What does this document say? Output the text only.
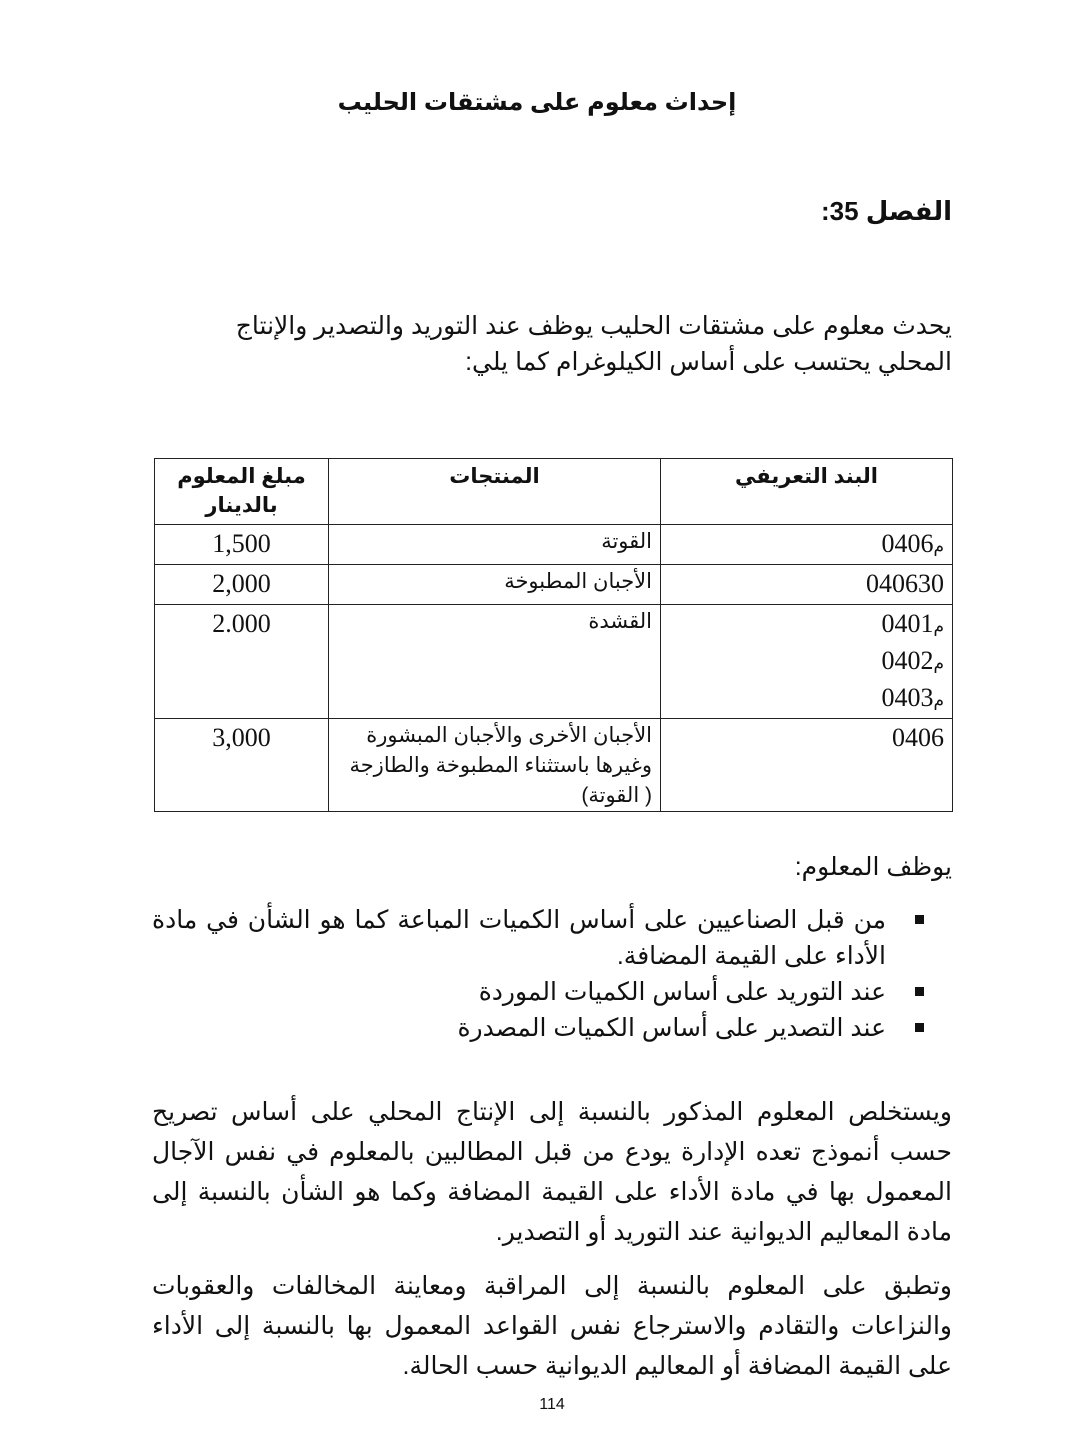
إحداث معلوم على مشتقات الحليب
الفصل 35:
يحدث معلوم على مشتقات الحليب يوظف عند التوريد والتصدير والإنتاج المحلي يحتسب على أساس الكيلوغرام كما يلي:
البند التعريفي	المنتجات	مبلغ المعلوم بالدينار

م0406	القوتة	1,500

040630	الأجبان المطبوخة	2,000

م0401
م0402
م0403	القشدة	2.000

0406	الأجبان الأخرى والأجبان المبشورة وغيرها باستثناء المطبوخة والطازجة ( القوتة)	3,000
يوظف المعلوم:
من قبل الصناعيين على أساس الكميات المباعة كما هو الشأن في مادة الأداء على القيمة المضافة.
عند التوريد على أساس الكميات الموردة
عند التصدير على أساس الكميات المصدرة
ويستخلص المعلوم المذكور بالنسبة إلى الإنتاج المحلي على أساس تصريح حسب أنموذج تعده الإدارة يودع من قبل المطالبين بالمعلوم في نفس الآجال المعمول بها في مادة الأداء على القيمة المضافة وكما هو الشأن بالنسبة إلى مادة المعاليم الديوانية عند التوريد أو التصدير.
وتطبق على المعلوم بالنسبة إلى المراقبة ومعاينة المخالفات والعقوبات والنزاعات والتقادم والاسترجاع نفس القواعد المعمول بها بالنسبة إلى الأداء على القيمة المضافة أو المعاليم الديوانية حسب الحالة.
114
